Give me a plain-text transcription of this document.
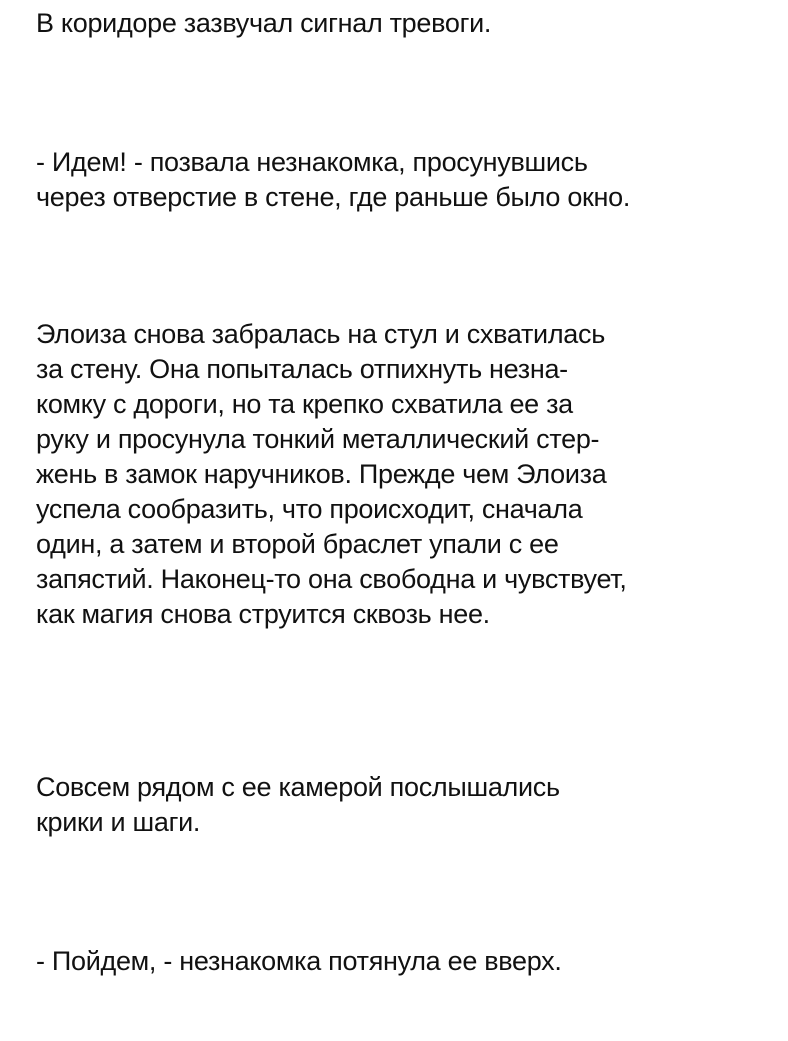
В коридоре зазвучал сигнал тревоги.

- Идем! - позвала незнакомка, просунувшись
через отверстие в стене, где раньше было окно.

Элоиза снова забралась на стул и схватилась
за стену. Она попыталась отпихнуть незна-
комку с дороги, но та крепко схватила ее за
руку и просунула тонкий металлический стер-
жень в замок наручников. Прежде чем Элоиза
успела сообразить, что происходит, сначала
один, а затем и второй браслет упали с ее
запястий. Наконец-то она свободна и чувствует,
как магия снова струится сквозь нее.

Совсем рядом с ее камерой послышались
крики и шаги.

- Пойдем, - незнакомка потянула ее вверх.
